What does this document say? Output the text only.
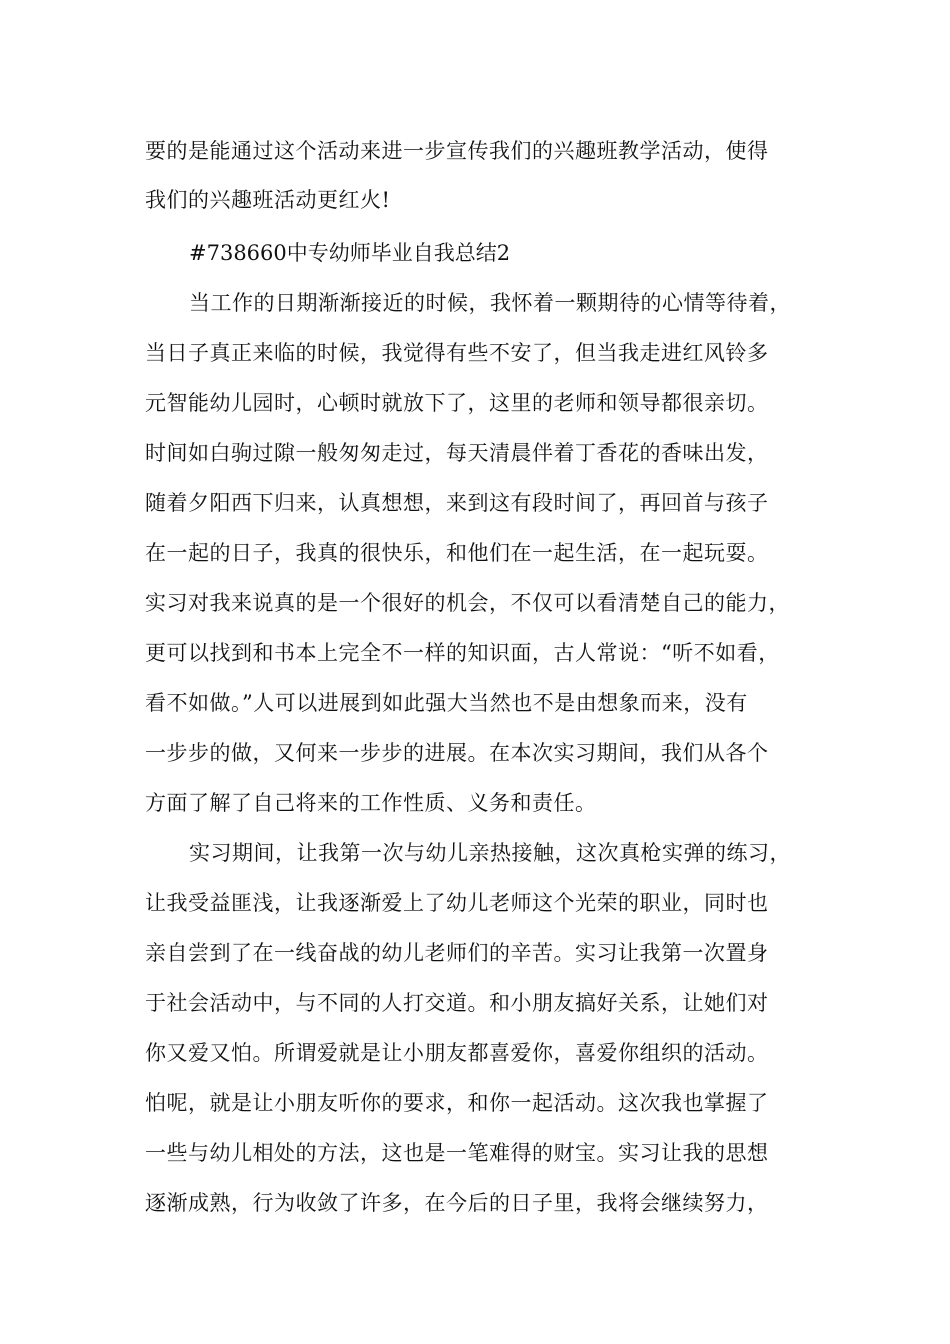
要的是能通过这个活动来进一步宣传我们的兴趣班教学活动，使得
我们的兴趣班活动更红火!
#738660中专幼师毕业自我总结2
当工作的日期渐渐接近的时候，我怀着一颗期待的心情等待着，
当日子真正来临的时候，我觉得有些不安了，但当我走进红风铃多
元智能幼儿园时，心顿时就放下了，这里的老师和领导都很亲切。
时间如白驹过隙一般匆匆走过，每天清晨伴着丁香花的香味出发，
随着夕阳西下归来，认真想想，来到这有段时间了，再回首与孩子
在一起的日子，我真的很快乐，和他们在一起生活，在一起玩耍。
实习对我来说真的是一个很好的机会，不仅可以看清楚自己的能力，
更可以找到和书本上完全不一样的知识面，古人常说：“听不如看，
看不如做。”人可以进展到如此强大当然也不是由想象而来，没有
一步步的做，又何来一步步的进展。在本次实习期间，我们从各个
方面了解了自己将来的工作性质、义务和责任。
实习期间，让我第一次与幼儿亲热接触，这次真枪实弹的练习，
让我受益匪浅，让我逐渐爱上了幼儿老师这个光荣的职业，同时也
亲自尝到了在一线奋战的幼儿老师们的辛苦。实习让我第一次置身
于社会活动中，与不同的人打交道。和小朋友搞好关系，让她们对
你又爱又怕。所谓爱就是让小朋友都喜爱你，喜爱你组织的活动。
怕呢，就是让小朋友听你的要求，和你一起活动。这次我也掌握了
一些与幼儿相处的方法，这也是一笔难得的财宝。实习让我的思想
逐渐成熟，行为收敛了许多，在今后的日子里，我将会继续努力，
